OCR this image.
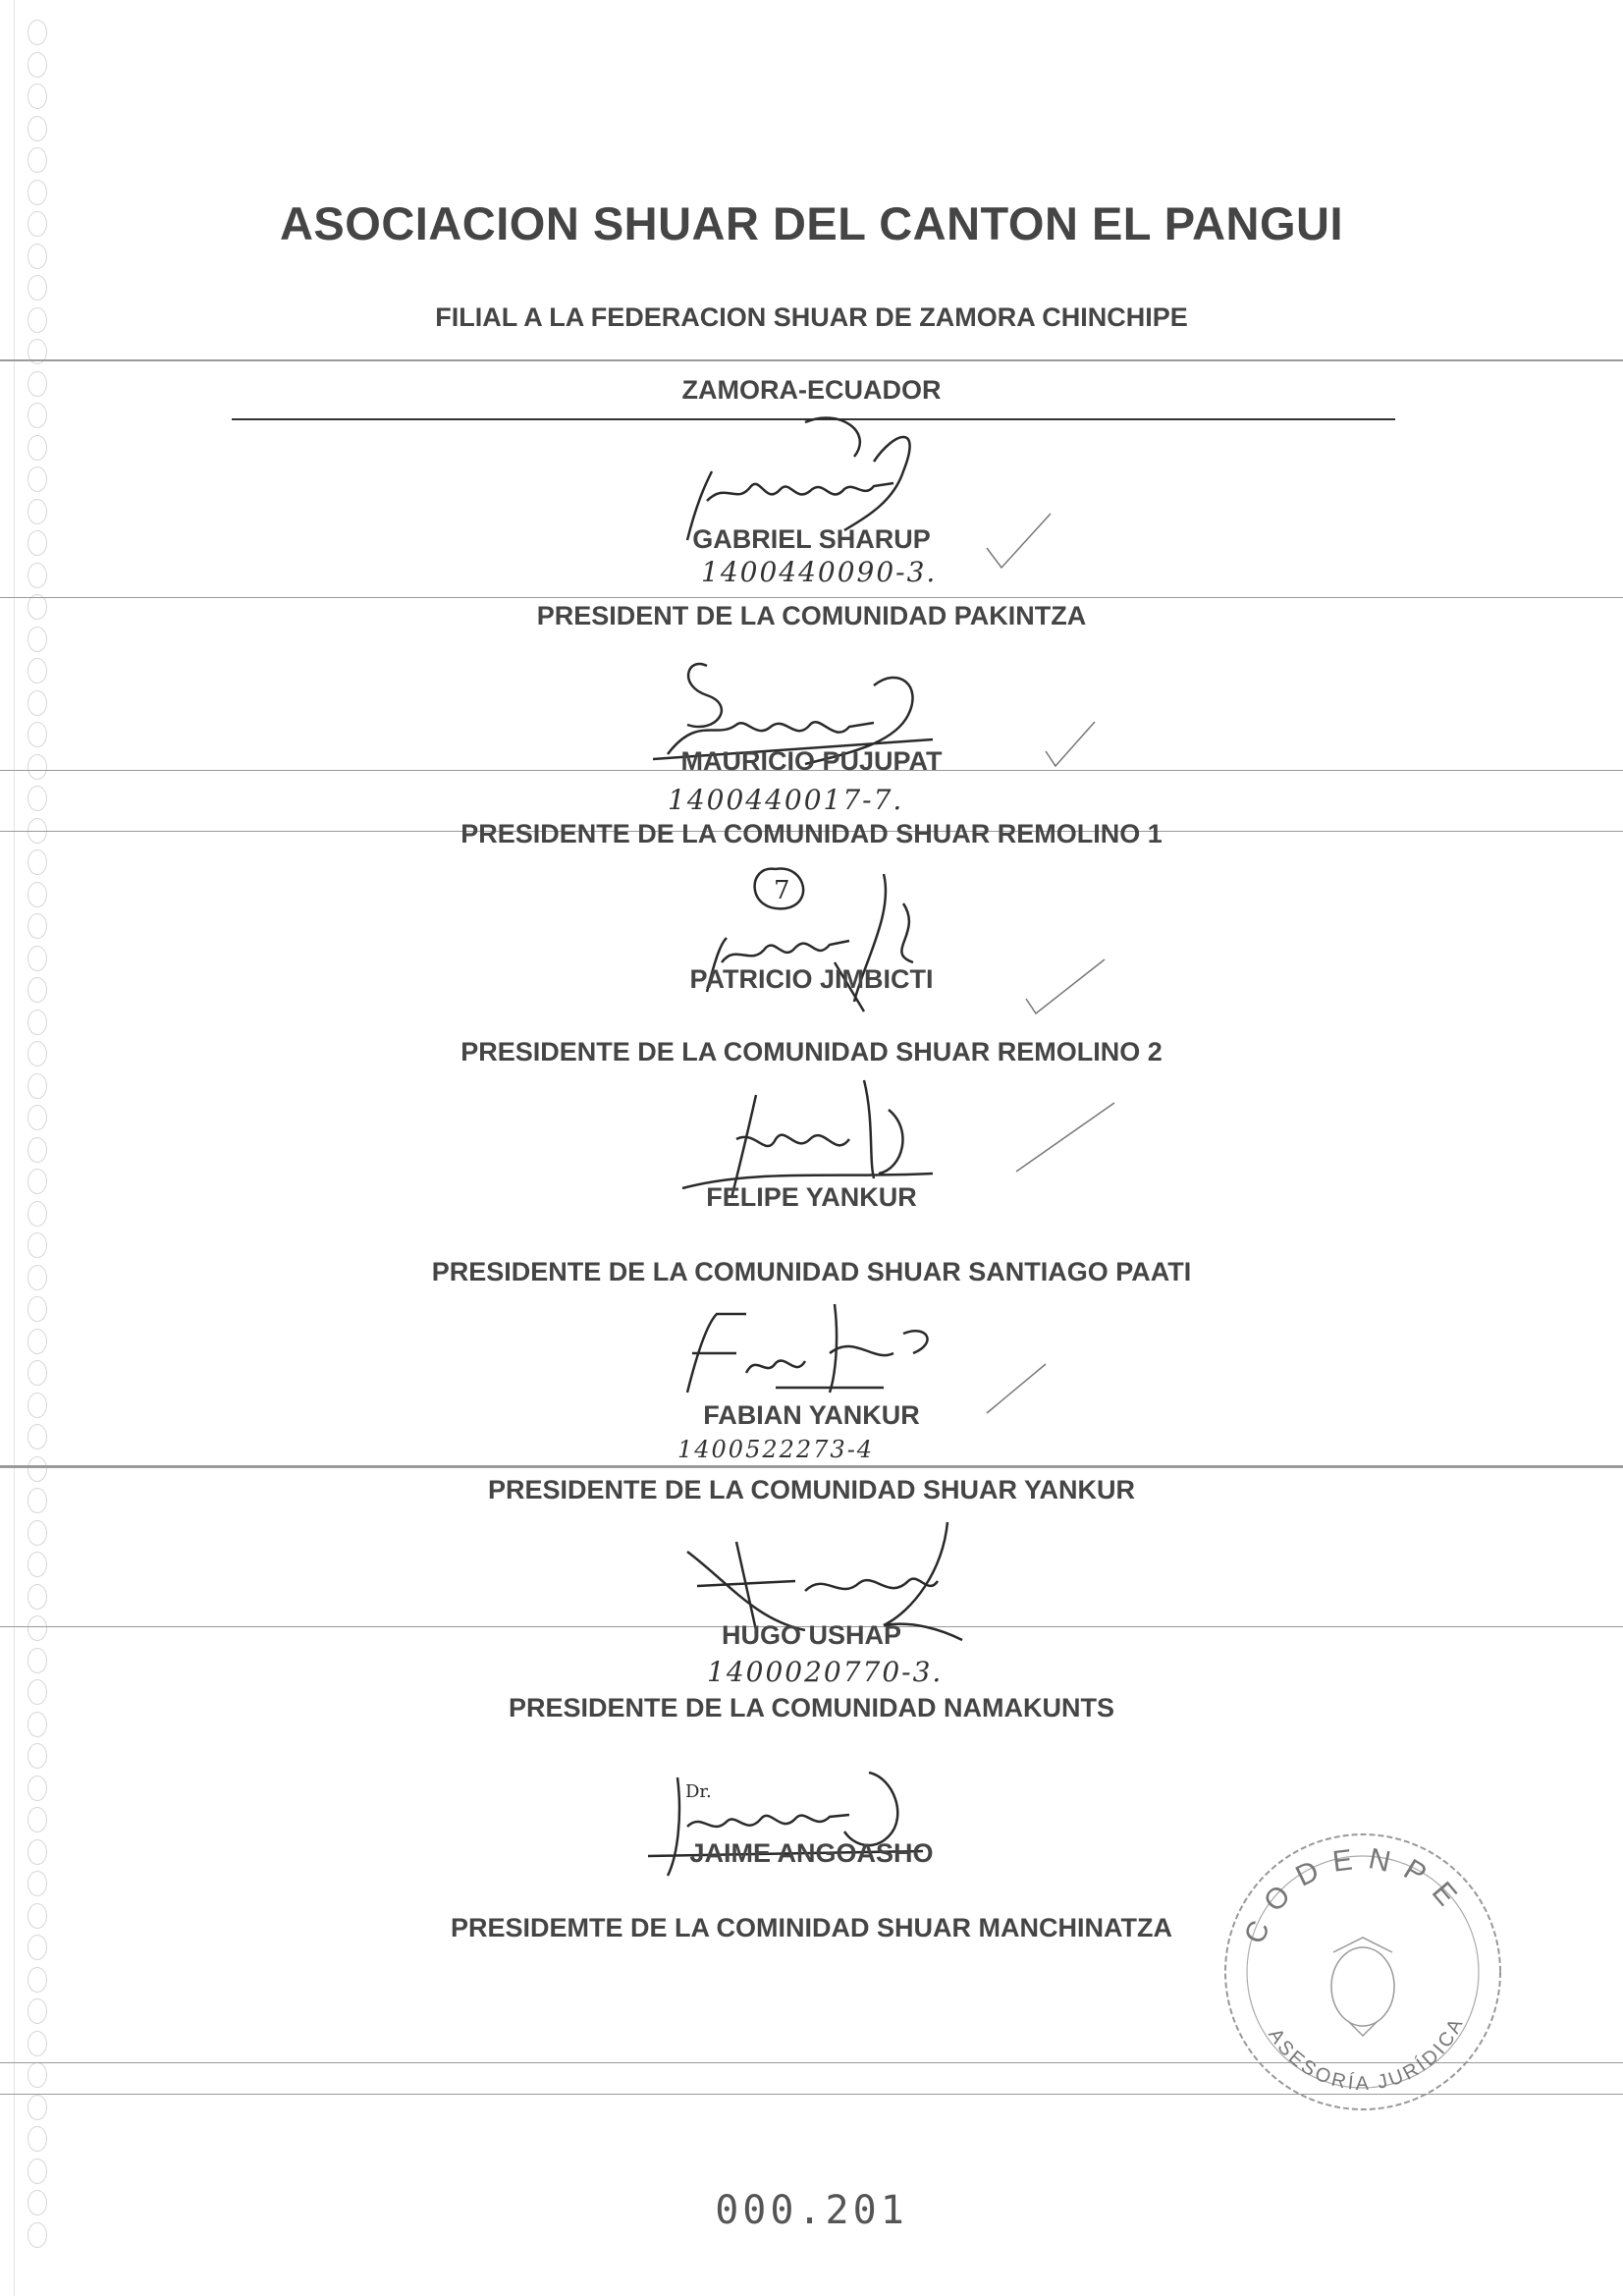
ASOCIACION SHUAR DEL CANTON EL PANGUI
FILIAL A LA FEDERACION SHUAR DE ZAMORA CHINCHIPE
ZAMORA-ECUADOR
GABRIEL SHARUP
1400440090-3.
PRESIDENT DE LA COMUNIDAD PAKINTZA
MAURICIO PUJUPAT
1400440017-7.
PRESIDENTE DE LA COMUNIDAD SHUAR REMOLINO 1
7
PATRICIO JIMBICTI
PRESIDENTE DE LA COMUNIDAD SHUAR REMOLINO 2
FELIPE YANKUR
PRESIDENTE DE LA COMUNIDAD SHUAR SANTIAGO PAATI
FABIAN YANKUR
1400522273-4
PRESIDENTE DE LA COMUNIDAD SHUAR YANKUR
HUGO USHAP
1400020770-3.
PRESIDENTE DE LA COMUNIDAD NAMAKUNTS
Dr.
JAIME ANGOASHO
PRESIDEMTE DE LA COMINIDAD SHUAR MANCHINATZA	CODENPE
ASESORÍA JURÍDICA
000.201
